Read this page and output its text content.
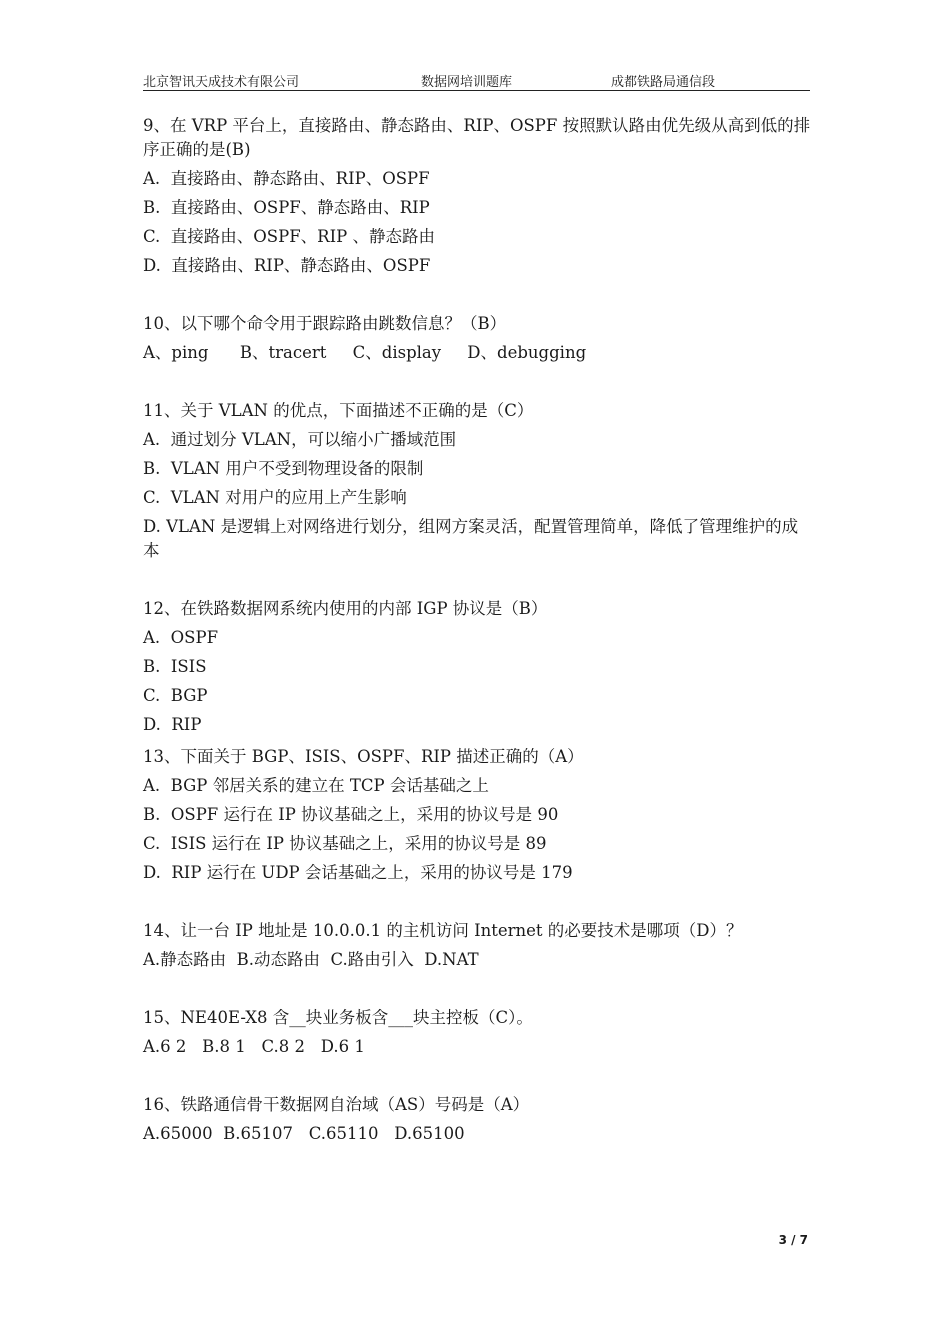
北京智讯天成技术有限公司	数据网培训题库	成都铁路局通信段
9、在 VRP 平台上，直接路由、静态路由、RIP、OSPF 按照默认路由优先级从高到低的排序正确的是(B)
A.  直接路由、静态路由、RIP、OSPF
B.  直接路由、OSPF、静态路由、RIP
C.  直接路由、OSPF、RIP 、静态路由
D.  直接路由、RIP、静态路由、OSPF
10、以下哪个命令用于跟踪路由跳数信息？（B）
A、ping      B、tracert     C、display     D、debugging
11、关于 VLAN 的优点，下面描述不正确的是（C）
A.  通过划分 VLAN，可以缩小广播域范围
B.  VLAN 用户不受到物理设备的限制
C.  VLAN 对用户的应用上产生影响
D. VLAN 是逻辑上对网络进行划分，组网方案灵活，配置管理简单，降低了管理维护的成本
12、在铁路数据网系统内使用的内部 IGP 协议是（B）
A.  OSPF
B.  ISIS
C.  BGP
D.  RIP
13、下面关于 BGP、ISIS、OSPF、RIP 描述正确的（A）
A.  BGP 邻居关系的建立在 TCP 会话基础之上
B.  OSPF 运行在 IP 协议基础之上，采用的协议号是 90
C.  ISIS 运行在 IP 协议基础之上，采用的协议号是 89
D.  RIP 运行在 UDP 会话基础之上，采用的协议号是 179
14、让一台 IP 地址是 10.0.0.1 的主机访问 Internet 的必要技术是哪项（D）？
A.静态路由  B.动态路由  C.路由引入  D.NAT
15、NE40E-X8 含__块业务板含___块主控板（C）。
A.6 2   B.8 1   C.8 2   D.6 1
16、铁路通信骨干数据网自治域（AS）号码是（A）
A.65000  B.65107   C.65110   D.65100
3 / 7
